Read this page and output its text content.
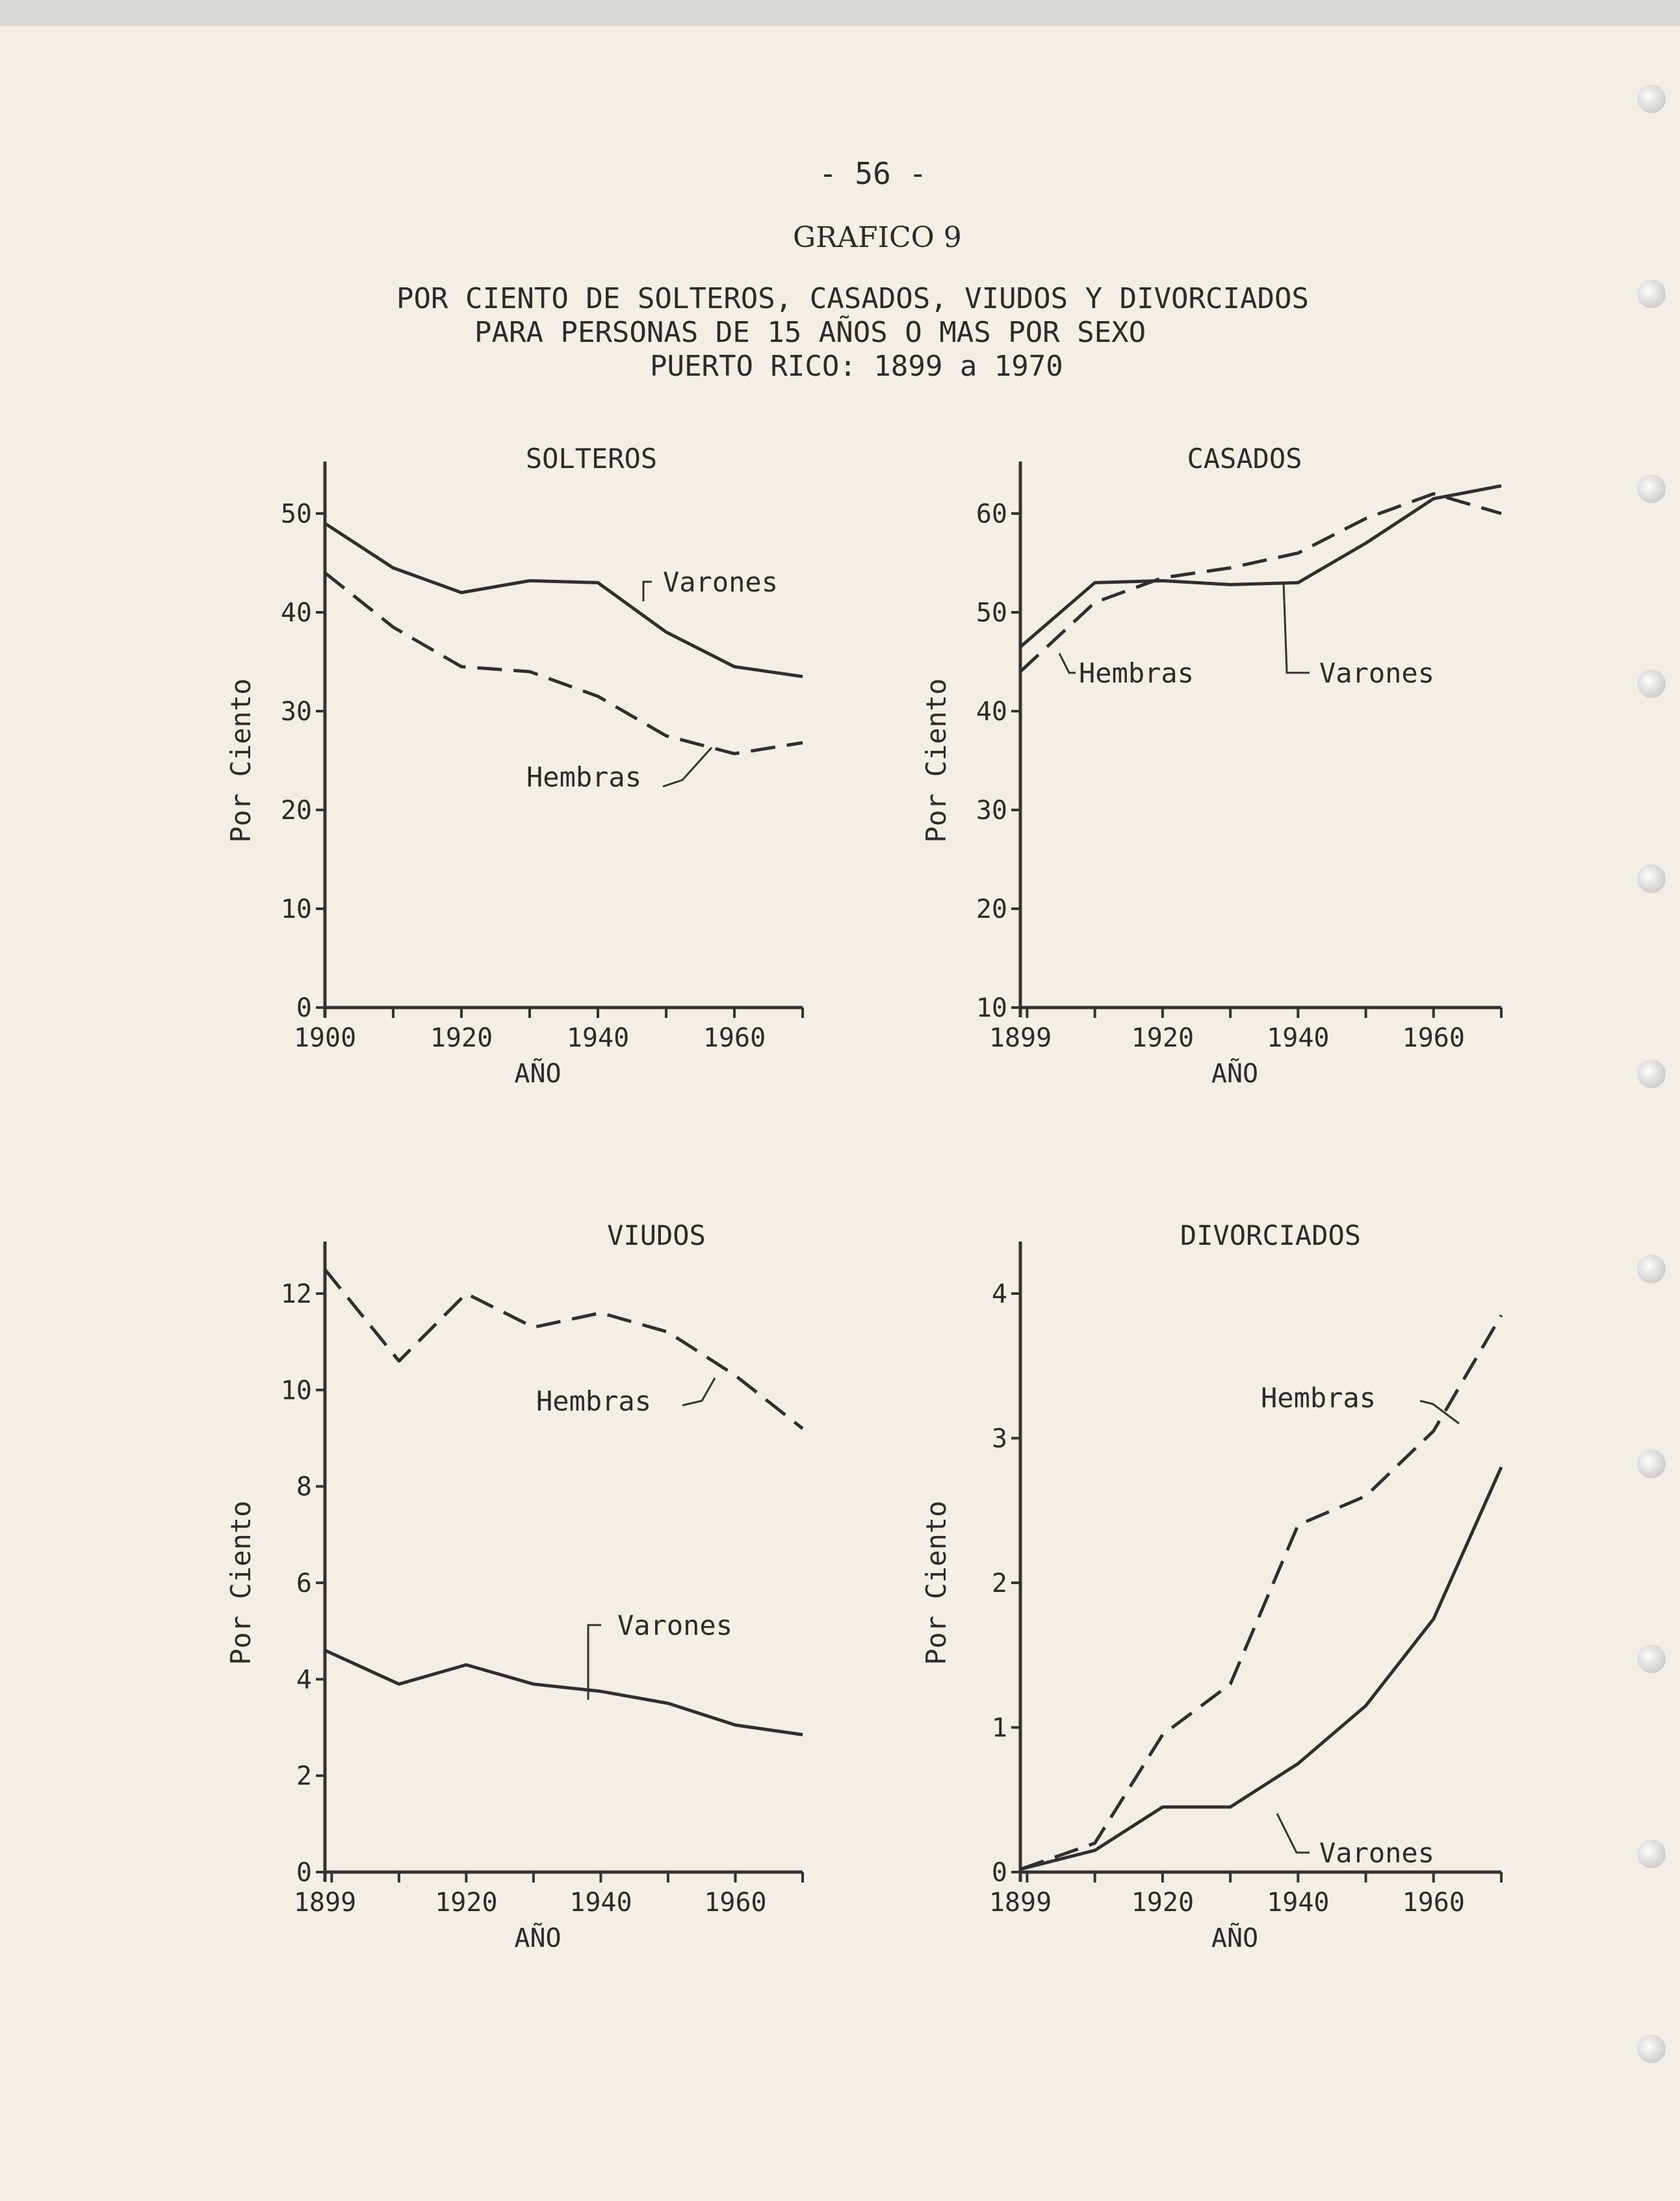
- 56 -
GRAFICO 9
POR CIENTO DE SOLTEROS, CASADOS, VIUDOS Y DIVORCIADOS
PARA PERSONAS DE 15 AÑOS O MAS POR SEXO
PUERTO RICO: 1899 a 1970
SOLTEROS
0
10
20
30
40
50
1900	1920	1940	1960
AÑO
Por Ciento
Varones
Hembras
CASADOS
10
20
30
40
50
60
1899	1920	1940	1960
AÑO
Por Ciento
Varones
Hembras
VIUDOS
0
2
4
6
8
10
12
1899	1920	1940	1960
AÑO
Por Ciento
Hembras
Varones
DIVORCIADOS
0
1
2
3
4
1899	1920	1940	1960
AÑO
Por Ciento
Hembras
Varones
